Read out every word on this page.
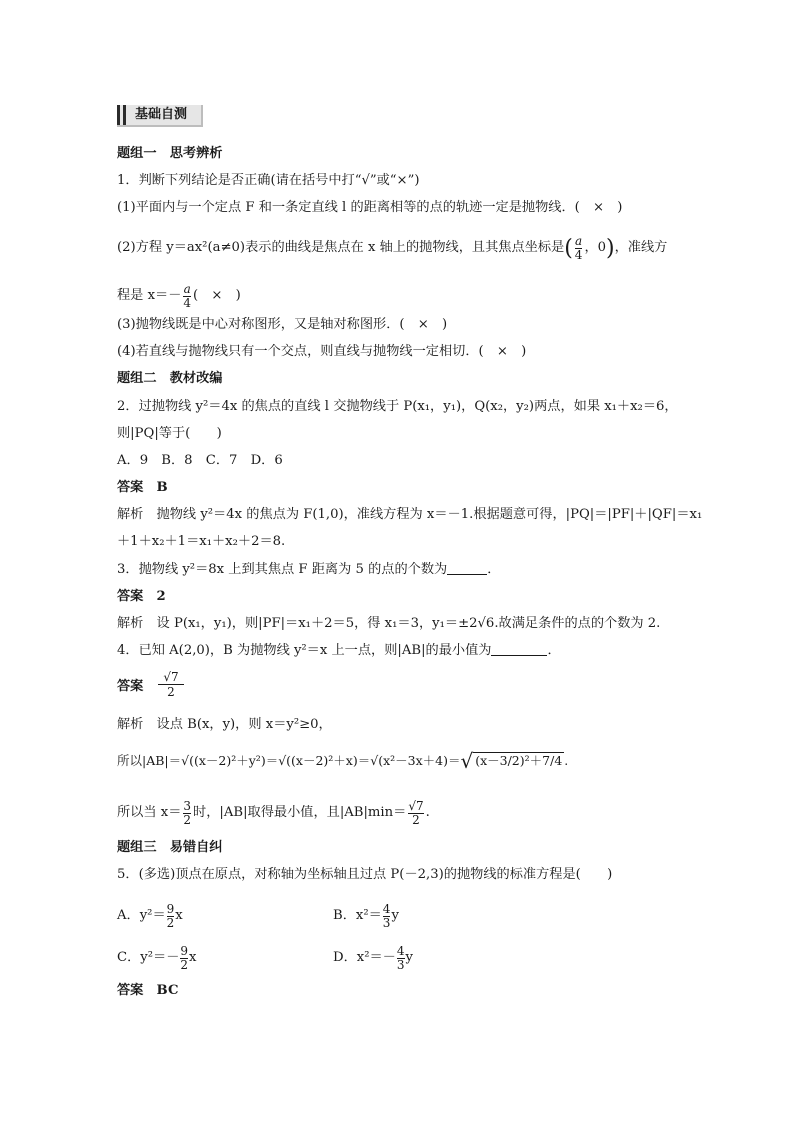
基础自测
题组一　思考辨析
1．判断下列结论是否正确(请在括号中打“√”或“×”)
(1)平面内与一个定点 F 和一条定直线 l 的距离相等的点的轨迹一定是抛物线．(　×　)
(2)方程 y＝ax²(a≠0)表示的曲线是焦点在 x 轴上的抛物线，且其焦点坐标是( $\frac{a}{4}$ ，0)，准线方
程是 $x=- \frac{a}{4}$ (　×　)
(3)抛物线既是中心对称图形，又是轴对称图形．(　×　)
(4)若直线与抛物线只有一个交点，则直线与抛物线一定相切．(　×　)
题组二　教材改编
2．过抛物线 y²＝4x 的焦点的直线 l 交抛物线于 P(x₁，y₁)，Q(x₂，y₂)两点，如果 x₁＋x₂＝6，
则|PQ|等于(　　)
A．9　B．8　C．7　D．6
答案　B
解析　抛物线 y²＝4x 的焦点为 F(1,0)，准线方程为 x＝－1.根据题意可得，|PQ|＝|PF|＋|QF|＝x₁
＋1＋x₂＋1＝x₁＋x₂＋2＝8.
3．抛物线 y²＝8x 上到其焦点 F 距离为 5 的点的个数为	．
答案　2
解析　设 P(x₁，y₁)，则|PF|＝x₁＋2＝5，得 x₁＝3，y₁＝±2√6.故满足条件的点的个数为 2.
4．已知 A(2,0)，B 为抛物线 y²＝x 上一点，则|AB|的最小值为	．
答案 $\frac{√7}{2}$
解析　设点 B(x，y)，则 x＝y²≥0，
所以|AB|＝√((x－2)²＋y²)＝√((x－2)²＋x)＝√(x²－3x＋4)＝√ (x－3/2)²＋7/4 .
所以当 $x= \frac{3}{2}$ 时，|AB|取得最小值，且$|AB|\min= \frac{√7}{2}$ .
题组三　易错自纠
5．(多选)顶点在原点，对称轴为坐标轴且过点 P(－2,3)的抛物线的标准方程是(　　)
A．$y^2= \frac{9}{2}$ x	B．$x^2= \frac{4}{3}$ y
C．$y^2=- \frac{9}{2}$ x	D．$x^2=- \frac{4}{3}$ y
答案　BC
